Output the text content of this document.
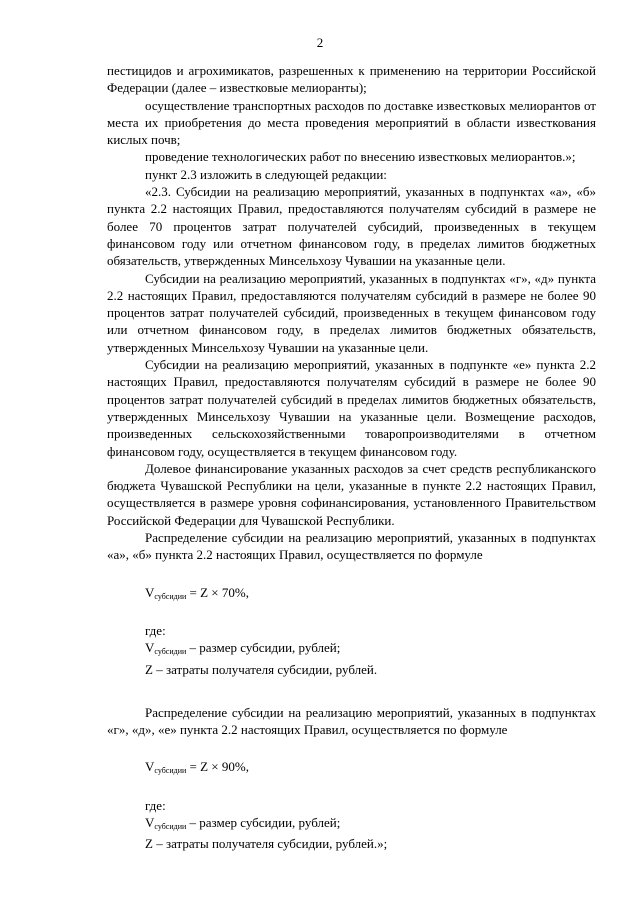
2

пестицидов и агрохимикатов, разрешенных к применению на территории Российской Федерации (далее – известковые мелиоранты);

осуществление транспортных расходов по доставке известковых мелиорантов от места их приобретения до места проведения мероприятий в области известкования кислых почв;

проведение технологических работ по внесению известковых мелиорантов.»;

пункт 2.3 изложить в следующей редакции:

«2.3. Субсидии на реализацию мероприятий, указанных в подпунктах «а», «б» пункта 2.2 настоящих Правил, предоставляются получателям субсидий в размере не более 70 процентов затрат получателей субсидий, произведенных в текущем финансовом году или отчетном финансовом году, в пределах лимитов бюджетных обязательств, утвержденных Минсельхозу Чувашии на указанные цели.

Субсидии на реализацию мероприятий, указанных в подпунктах «г», «д» пункта 2.2 настоящих Правил, предоставляются получателям субсидий в размере не более 90 процентов затрат получателей субсидий, произведенных в текущем финансовом году или отчетном финансовом году, в пределах лимитов бюджетных обязательств, утвержденных Минсельхозу Чувашии на указанные цели.

Субсидии на реализацию мероприятий, указанных в подпункте «е» пункта 2.2 настоящих Правил, предоставляются получателям субсидий в размере не более 90 процентов затрат получателей субсидий в пределах лимитов бюджетных обязательств, утвержденных Минсельхозу Чувашии на указанные цели. Возмещение расходов, произведенных сельскохозяйственными товаропроизводителями в отчетном финансовом году, осуществляется в текущем финансовом году.

Долевое финансирование указанных расходов за счет средств республиканского бюджета Чувашской Республики на цели, указанные в пункте 2.2 настоящих Правил, осуществляется в размере уровня софинансирования, установленного Правительством Российской Федерации для Чувашской Республики.

Распределение субсидии на реализацию мероприятий, указанных в подпунктах «а», «б» пункта 2.2 настоящих Правил, осуществляется по формуле

$V_{субсидии} = Z \times 70\%$,

где:

$V_{субсидии}$ – размер субсидии, рублей;

Z – затраты получателя субсидии, рублей.

Распределение субсидии на реализацию мероприятий, указанных в подпунктах «г», «д», «е» пункта 2.2 настоящих Правил, осуществляется по формуле

$V_{субсидии} = Z \times 90\%$,

где:

$V_{субсидии}$ – размер субсидии, рублей;

Z – затраты получателя субсидии, рублей.»;
